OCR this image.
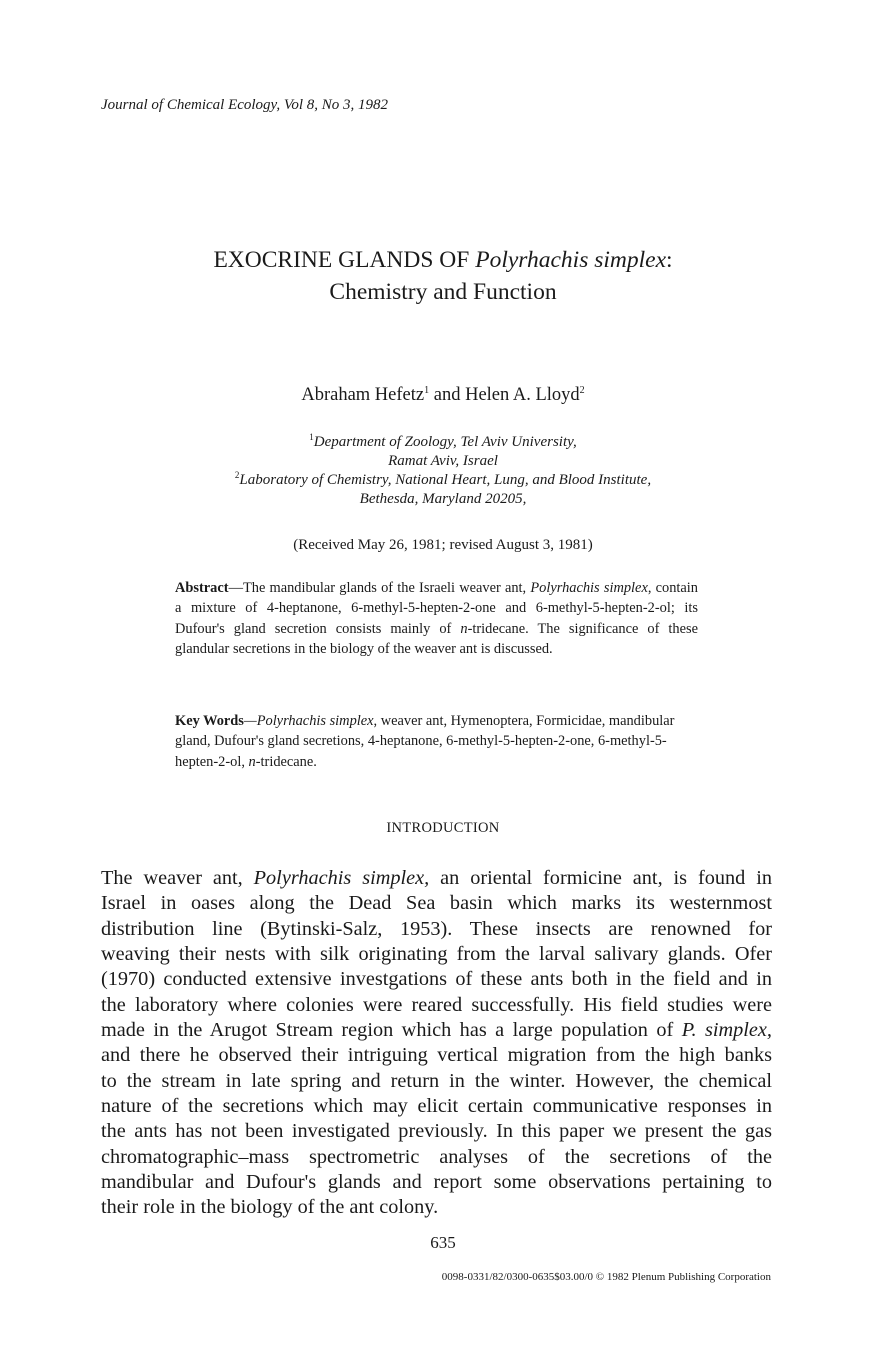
Journal of Chemical Ecology, Vol 8, No 3, 1982
EXOCRINE GLANDS OF Polyrhachis simplex:
Chemistry and Function
Abraham Hefetz$^1$ and Helen A. Lloyd$^2$
$^1$Department of Zoology, Tel Aviv University,
Ramat Aviv, Israel
$^2$Laboratory of Chemistry, National Heart, Lung, and Blood Institute,
Bethesda, Maryland 20205,
(Received May 26, 1981; revised August 3, 1981)

Abstract—The mandibular glands of the Israeli weaver ant, Polyrhachis simplex, contain a mixture of 4-heptanone, 6-methyl-5-hepten-2-one and 6-methyl-5-hepten-2-ol; its Dufour's gland secretion consists mainly of n-tridecane. The significance of these glandular secretions in the biology of the weaver ant is discussed.

Key Words—Polyrhachis simplex, weaver ant, Hymenoptera, Formicidae, mandibular gland, Dufour's gland secretions, 4-heptanone, 6-methyl-5-hepten-2-one, 6-methyl-5-hepten-2-ol, n-tridecane.

INTRODUCTION
The weaver ant, Polyrhachis simplex, an oriental formicine ant, is found in
Israel in oases along the Dead Sea basin which marks its westernmost
distribution line (Bytinski-Salz, 1953). These insects are renowned for
weaving their nests with silk originating from the larval salivary glands. Ofer
(1970) conducted extensive investgations of these ants both in the field and in
the laboratory where colonies were reared successfully. His field studies were
made in the Arugot Stream region which has a large population of P. simplex,
and there he observed their intriguing vertical migration from the high banks
to the stream in late spring and return in the winter. However, the chemical
nature of the secretions which may elicit certain communicative responses in
the ants has not been investigated previously. In this paper we present the gas
chromatographic–mass spectrometric analyses of the secretions of the
mandibular and Dufour's glands and report some observations pertaining to
their role in the biology of the ant colony.
635
0098-0331/82/0300-0635$03.00/0 © 1982 Plenum Publishing Corporation
